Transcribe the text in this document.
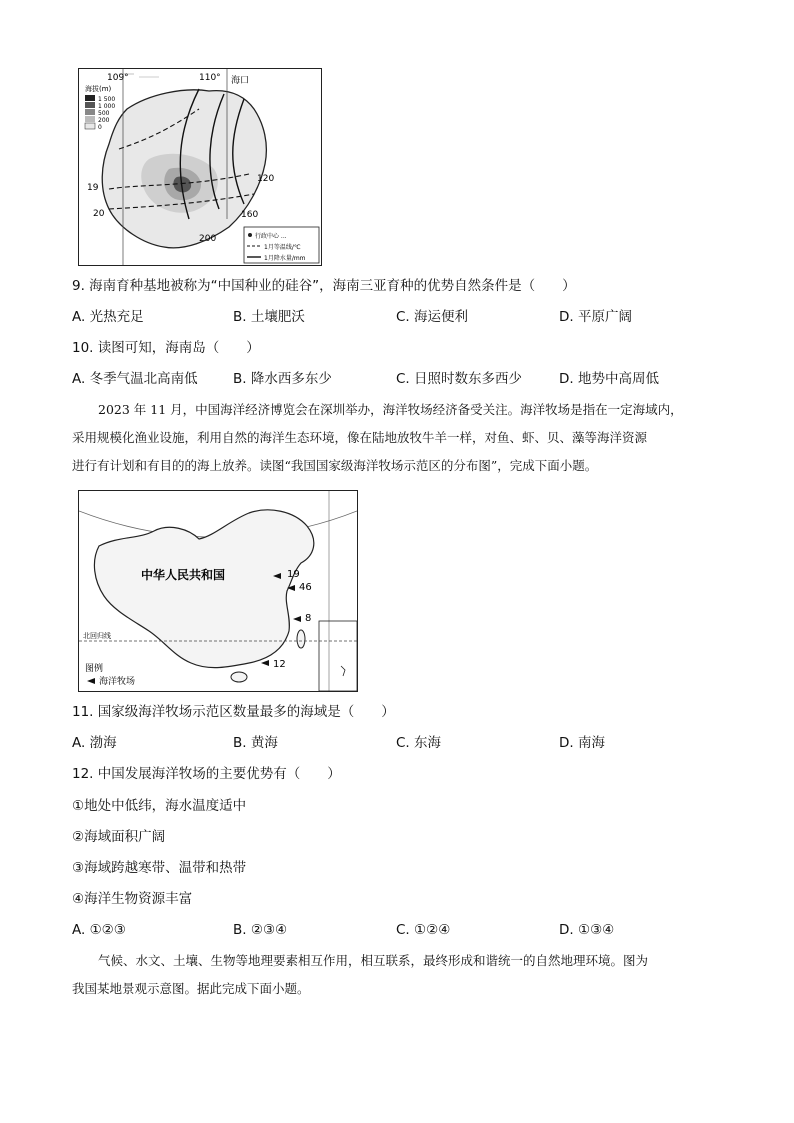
109°	110° 海口
19
20
120
160
200
海拔(m)
1 500
1 000
500
200
0
行政中心 ...
1月等温线/℃
1月降水量/mm
9. 海南育种基地被称为“中国种业的硅谷”，海南三亚育种的优势自然条件是（　　）
A. 光热充足	B. 土壤肥沃	C. 海运便利	D. 平原广阔
10. 读图可知，海南岛（　　）
A. 冬季气温北高南低	B. 降水西多东少	C. 日照时数东多西少	D. 地势中高周低

2023 年 11 月，中国海洋经济博览会在深圳举办，海洋牧场经济备受关注。海洋牧场是指在一定海域内，

采用规模化渔业设施，利用自然的海洋生态环境，像在陆地放牧牛羊一样，对鱼、虾、贝、藻等海洋资源

进行有计划和有目的的海上放养。读图“我国国家级海洋牧场示范区的分布图”，完成下面小题。

北回归线
中华人民共和国	19
46
8
12
图例
海洋牧场
11. 国家级海洋牧场示范区数量最多的海域是（　　）
A. 渤海	B. 黄海	C. 东海	D. 南海
12. 中国发展海洋牧场的主要优势有（　　）
①地处中低纬，海水温度适中
②海域面积广阔
③海域跨越寒带、温带和热带
④海洋生物资源丰富
A. ①②③	B. ②③④	C. ①②④	D. ①③④

气候、水文、土壤、生物等地理要素相互作用，相互联系，最终形成和谐统一的自然地理环境。图为

我国某地景观示意图。据此完成下面小题。
